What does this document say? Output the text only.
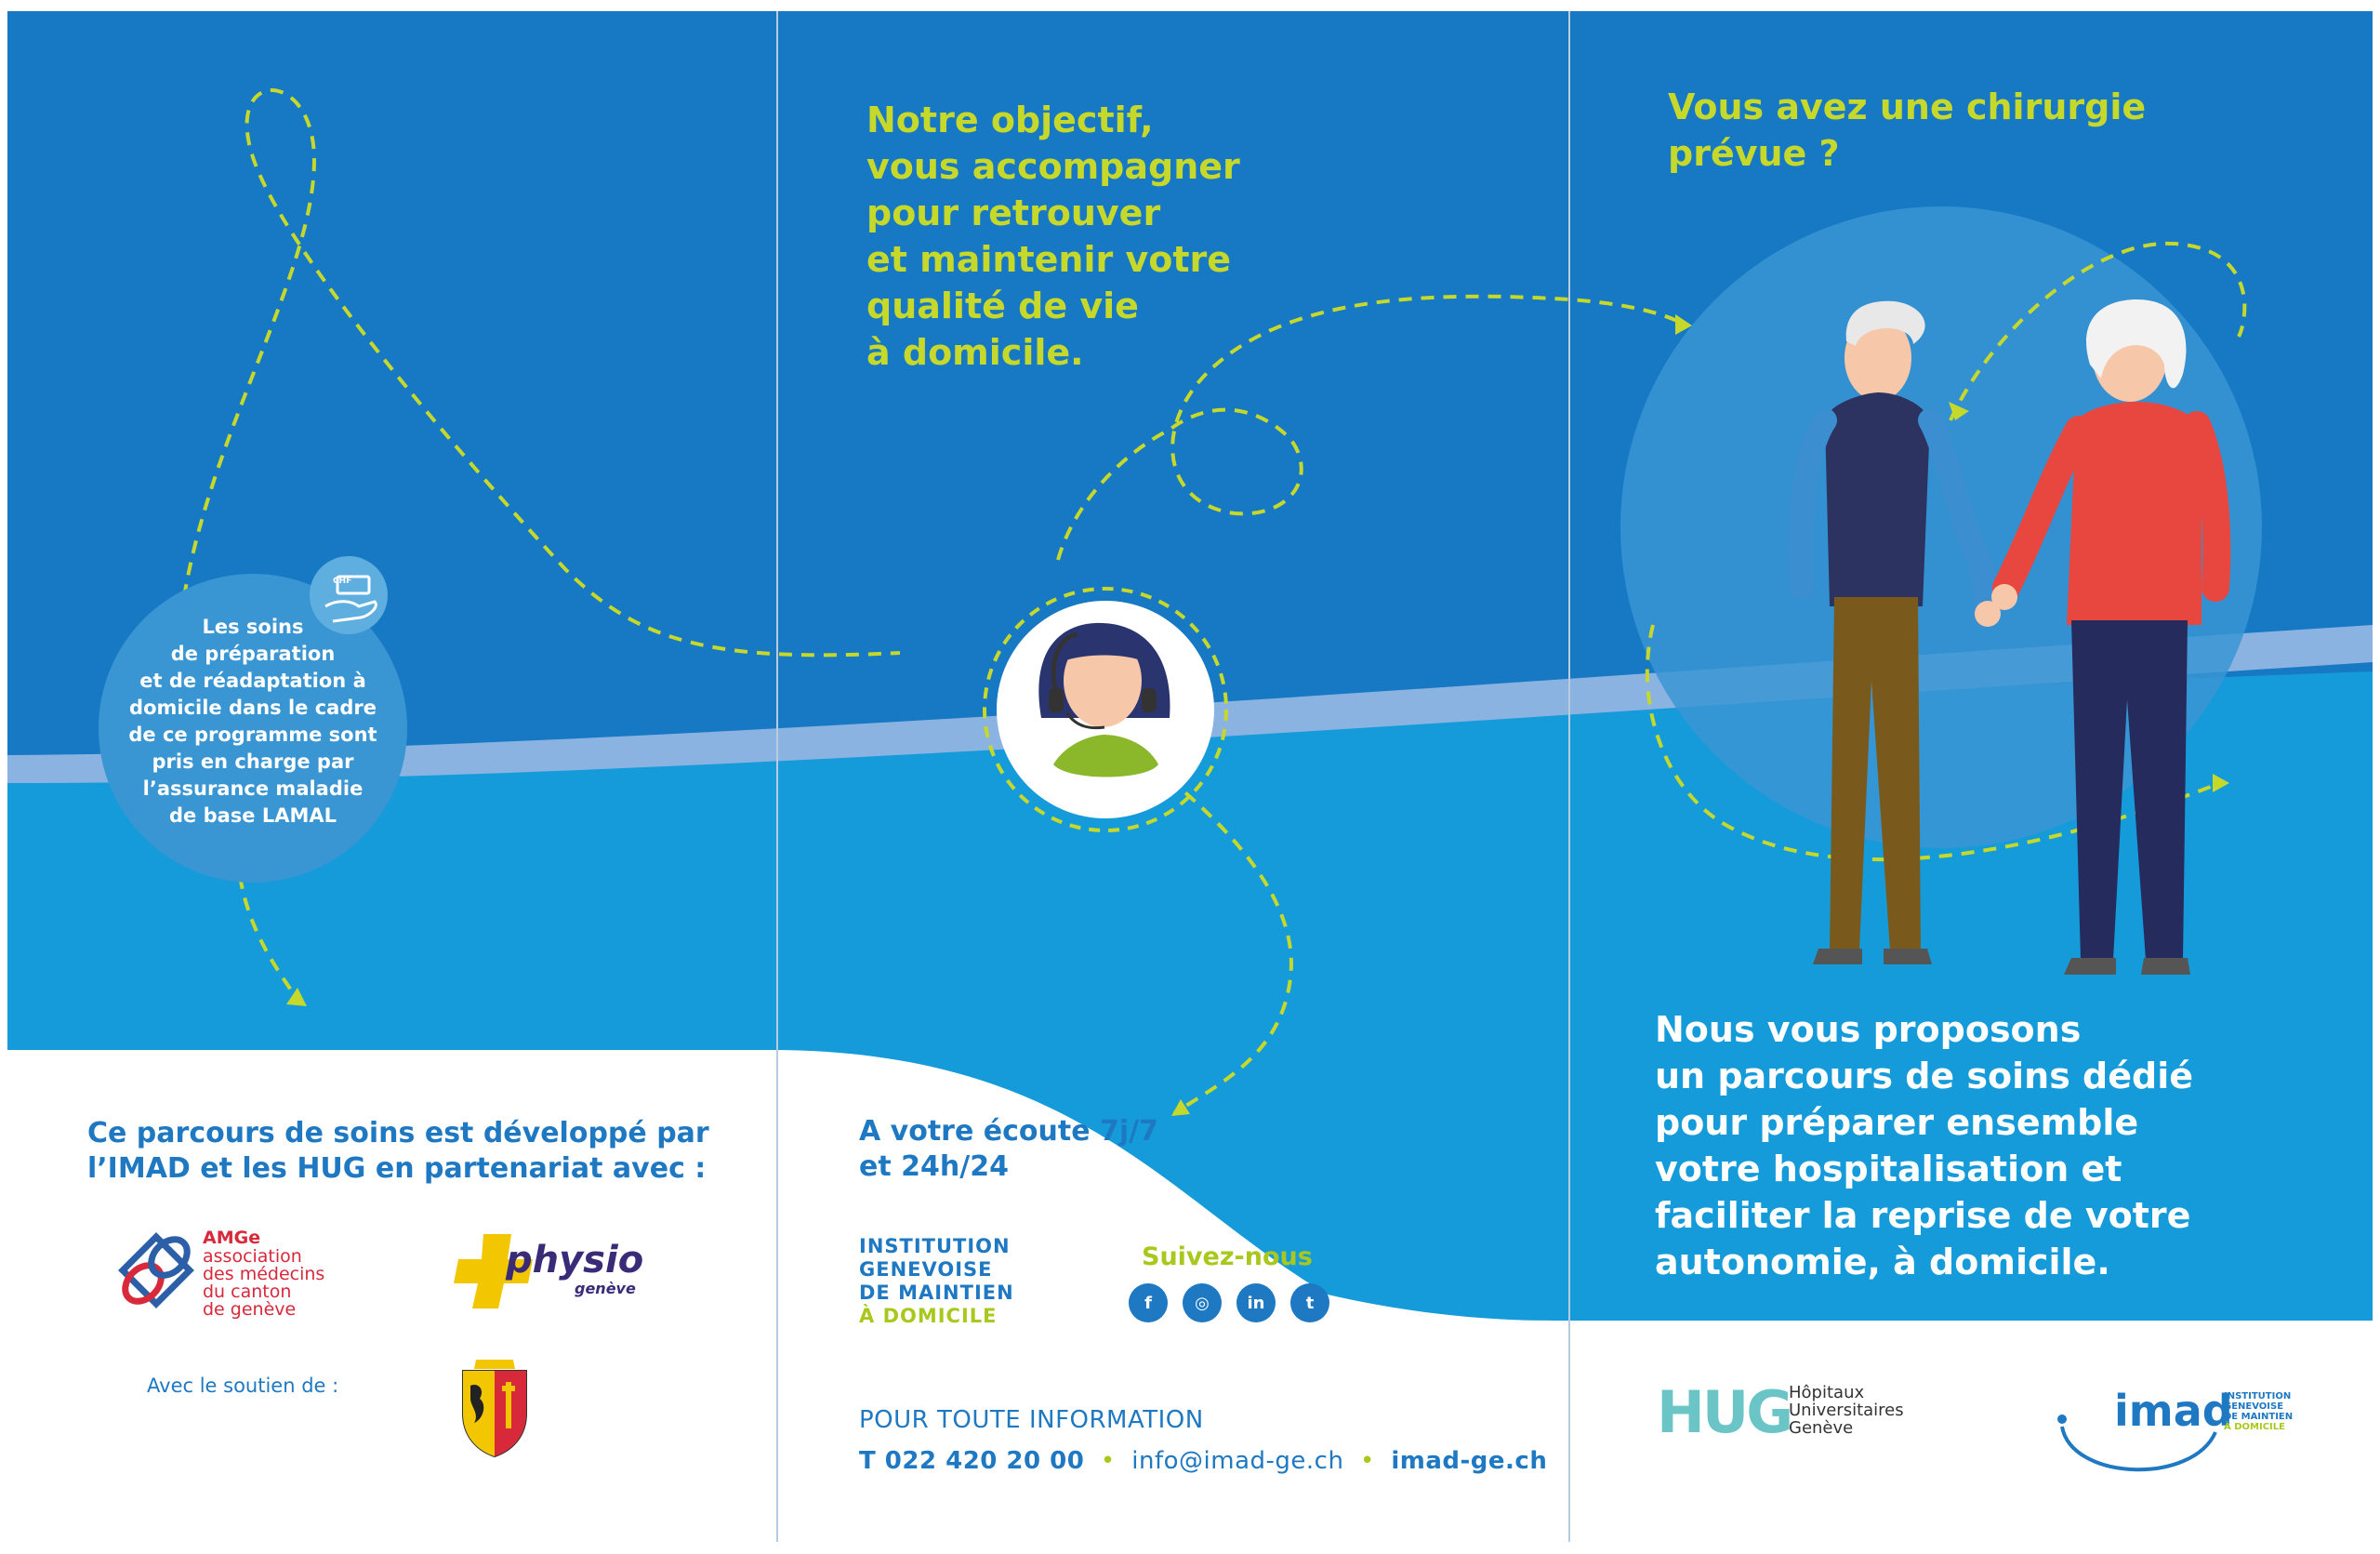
Les soins
de préparation
et de réadaptation à
domicile dans le cadre
de ce programme sont
pris en charge par
l’assurance maladie
de base LAMAL
CHF
Ce parcours de soins est développé par
l’IMAD et les HUG en partenariat avec :
AMGe
association
des médecins
du canton
de genève
physio
genève
Avec le soutien de :
Notre objectif,
vous accompagner
pour retrouver
et maintenir votre
qualité de vie
à domicile.
A votre écoute 7j/7
et 24h/24
INSTITUTION
GENEVOISE
DE MAINTIEN
À DOMICILE
Suivez-nous
f	◎	in	t
POUR TOUTE INFORMATION
T 022 420 20 00  •  info@imad-ge.ch  •  imad-ge.ch
Vous avez une chirurgie
prévue ?
Nous vous proposons
un parcours de soins dédié
pour préparer ensemble
votre hospitalisation et
faciliter la reprise de votre
autonomie, à domicile.
HUG
Hôpitaux
Universitaires
Genève	imad
INSTITUTION
GENEVOISE
DE MAINTIEN
À DOMICILE
